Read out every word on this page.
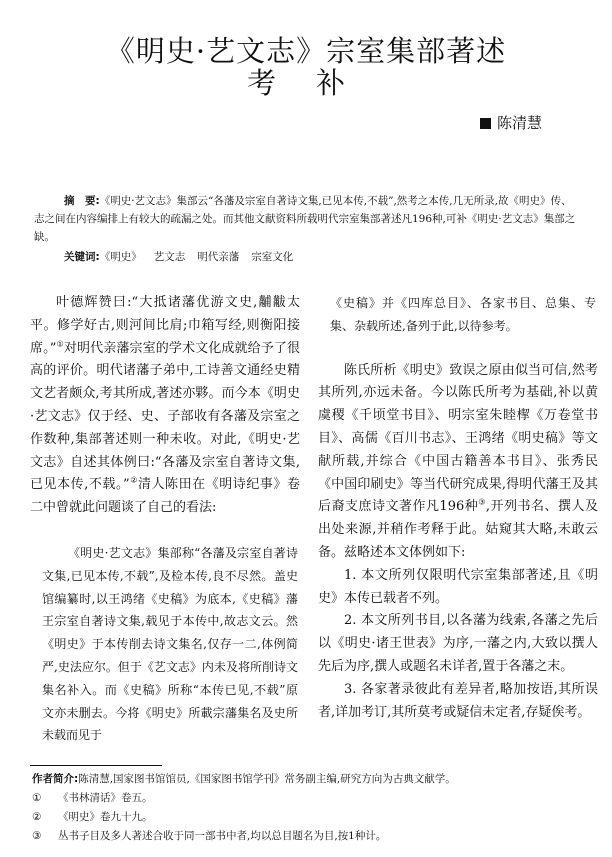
《明史·艺文志》宗室集部著述
考补
陈清慧

摘　要:《明史·艺文志》集部云“各藩及宗室自著诗文集,已见本传,不载”,然考之本传,几无所录,故《明史》传、志之间在内容编排上有较大的疏漏之处。而其他文献资料所载明代宗室集部著述凡196种,可补《明史·艺文志》集部之缺。

关键词:《明史》 艺文志 明代亲藩 宗室文化

叶德辉赞曰:“大抵诸藩优游文史,黼黻太平。修学好古,则河间比肩;巾箱写经,则衡阳接席。”①对明代亲藩宗室的学术文化成就给予了很高的评价。明代诸藩子弟中,工诗善文通经史精文艺者颇众,考其所成,著述亦夥。而今本《明史·艺文志》仅于经、史、子部收有各藩及宗室之作数种,集部著述则一种未收。对此,《明史·艺文志》自述其体例曰:“各藩及宗室自著诗文集,已见本传,不载。”②清人陈田在《明诗纪事》卷二中曾就此问题谈了自己的看法:

《明史·艺文志》集部称“各藩及宗室自著诗文集,已见本传,不载”,及检本传,良不尽然。盖史馆编纂时,以王鸿绪《史稿》为底本,《史稿》藩王宗室自著诗文集,载见于本传中,故志文云。然《明史》于本传削去诗文集名,仅存一二,体例简严,史法应尔。但于《艺文志》内未及将所削诗文集名补入。而《史稿》所称“本传已见,不载”原文亦未删去。今将《明史》所載宗藩集名及史所未载而见于

《史稿》并《四库总目》、各家书目、总集、专集、杂载所述,备列于此,以待参考。

陈氏所析《明史》致误之原由似当可信,然考其所列,亦远未备。今以陈氏所考为基础,补以黄虞稷《千顷堂书目》、明宗室朱睦㮮《万卷堂书目》、高儒《百川书志》、王鸿绪《明史稿》等文献所载,并综合《中国古籍善本书目》、张秀民《中国印刷史》等当代研究成果,得明代藩王及其后裔支庶诗文著作凡196种③,开列书名、撰人及出处来源,并稍作考释于此。姑窥其大略,未敢云备。兹略述本文体例如下:

1. 本文所列仅限明代宗室集部著述,且《明史》本传已载者不列。

2. 本文所列书目,以各藩为线索,各藩之先后以《明史·诸王世表》为序,一藩之内,大致以撰人先后为序,撰人或题名未详者,置于各藩之末。

3. 各家著录彼此有差异者,略加按语,其所误者,详加考订,其所莫考或疑信未定者,存疑俟考。

作者简介:陈清慧,国家图书馆馆员,《国家图书馆学刊》常务副主编,研究方向为古典文献学。

① 《书林清话》卷五。

② 《明史》卷九十九。

③ 丛书子目及多人著述合收于同一部书中者,均以总目题名为目,按1种计。
